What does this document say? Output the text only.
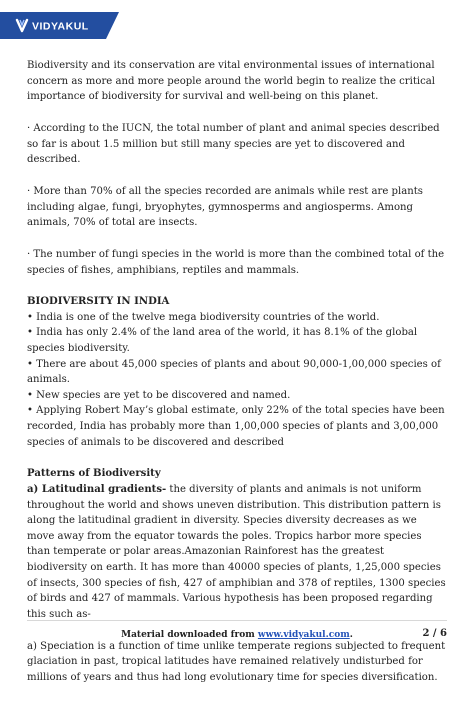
VIDYAKUL

Biodiversity and its conservation are vital environmental issues of international concern as more and more people around the world begin to realize the critical importance of biodiversity for survival and well-being on this planet.

· According to the IUCN, the total number of plant and animal species described so far is about 1.5 million but still many species are yet to discovered and described.

· More than 70% of all the species recorded are animals while rest are plants including algae, fungi, bryophytes, gymnosperms and angiosperms. Among animals, 70% of total are insects.

· The number of fungi species in the world is more than the combined total of the species of fishes, amphibians, reptiles and mammals.

BIODIVERSITY IN INDIA

• India is one of the twelve mega biodiversity countries of the world.

• India has only 2.4% of the land area of the world, it has 8.1% of the global species biodiversity.

• There are about 45,000 species of plants and about 90,000-1,00,000 species of animals.

• New species are yet to be discovered and named.

• Applying Robert May’s global estimate, only 22% of the total species have been recorded, India has probably more than 1,00,000 species of plants and 3,00,000 species of animals to be discovered and described

Patterns of Biodiversity

a) Latitudinal gradients- the diversity of plants and animals is not uniform throughout the world and shows uneven distribution. This distribution pattern is along the latitudinal gradient in diversity. Species diversity decreases as we move away from the equator towards the poles. Tropics harbor more species than temperate or polar areas.Amazonian Rainforest has the greatest biodiversity on earth. It has more than 40000 species of plants, 1,25,000 species of insects, 300 species of fish, 427 of amphibian and 378 of reptiles, 1300 species of birds and 427 of mammals. Various hypothesis has been proposed regarding this such as-

a) Speciation is a function of time unlike temperate regions subjected to frequent glaciation in past, tropical latitudes have remained relatively undisturbed for millions of years and thus had long evolutionary time for species diversification.

Material downloaded from www.vidyakul.com.	2 / 6
